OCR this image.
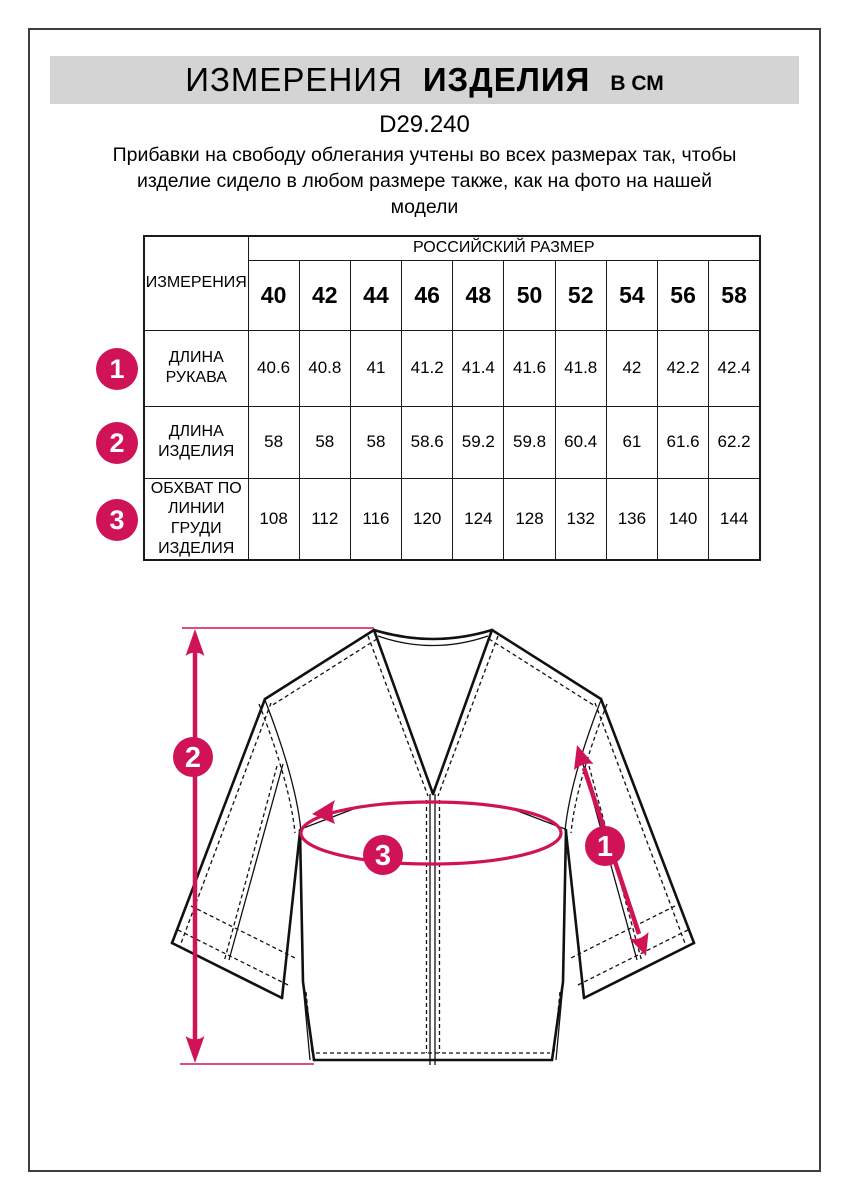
ИЗМЕРЕНИЯ ИЗДЕЛИЯ В СМ
D29.240
Прибавки на свободу облегания учтены во всех размерах так, чтобы
изделие сидело в любом размере также, как на фото на нашей
модели
ИЗМЕРЕНИЯ	РОССИЙСКИЙ РАЗМЕР									
	40	42	44	46	48	50	52	54	56	58
ДЛИНА РУКАВА	40.6	40.8	41	41.2	41.4	41.6	41.8	42	42.2	42.4
ДЛИНА ИЗДЕЛИЯ	58	58	58	58.6	59.2	59.8	60.4	61	61.6	62.2
ОБХВАТ ПО ЛИНИИ ГРУДИ ИЗДЕЛИЯ	108	112	116	120	124	128	132	136	140	144
1
2
3
2
3	1
